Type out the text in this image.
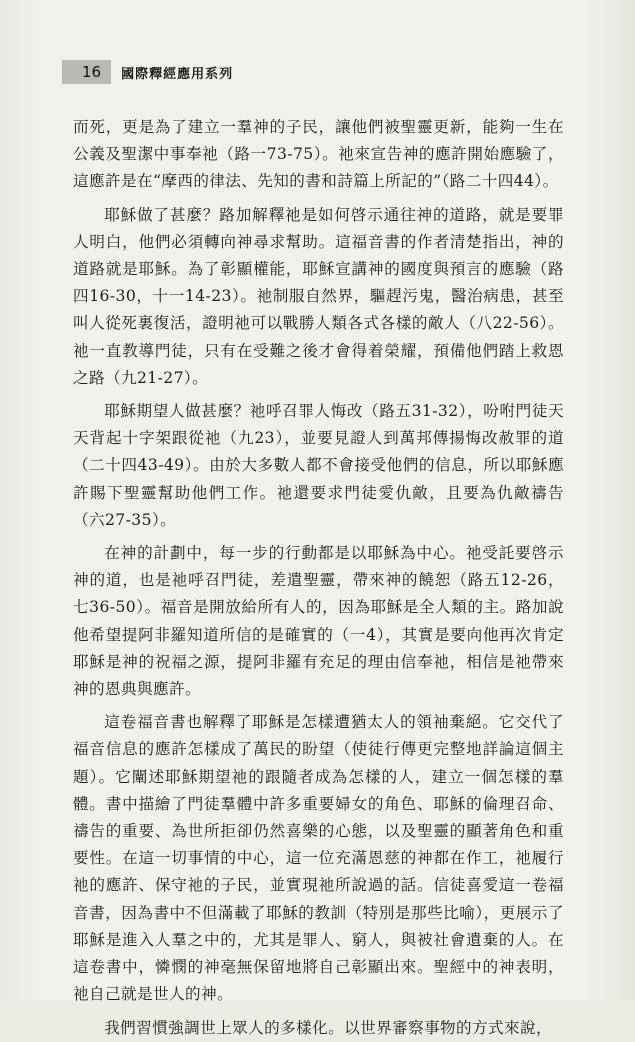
16	國際釋經應用系列

而死，更是為了建立一羣神的子民，讓他們被聖靈更新，能夠一生在公義及聖潔中事奉祂（路一73-75）。祂來宣告神的應許開始應驗了，這應許是在“摩西的律法、先知的書和詩篇上所記的”（路二十四44）。

耶穌做了甚麼？路加解釋祂是如何啓示通往神的道路，就是要罪人明白，他們必須轉向神尋求幫助。這福音書的作者清楚指出，神的道路就是耶穌。為了彰顯權能，耶穌宣講神的國度與預言的應驗（路四16-30，十一14-23）。祂制服自然界，驅趕污鬼，醫治病患，甚至叫人從死裏復活，證明祂可以戰勝人類各式各樣的敵人（八22-56）。祂一直教導門徒，只有在受難之後才會得着榮耀，預備他們踏上救恩之路（九21-27）。

耶穌期望人做甚麼？祂呼召罪人悔改（路五31-32），吩咐門徒天天背起十字架跟從祂（九23），並要見證人到萬邦傳揚悔改赦罪的道（二十四43-49）。由於大多數人都不會接受他們的信息，所以耶穌應許賜下聖靈幫助他們工作。祂還要求門徒愛仇敵，且要為仇敵禱告（六27-35）。

在神的計劃中，每一步的行動都是以耶穌為中心。祂受託要啓示神的道，也是祂呼召門徒，差遣聖靈，帶來神的饒恕（路五12-26，七36-50）。福音是開放給所有人的，因為耶穌是全人類的主。路加說他希望提阿非羅知道所信的是確實的（一4），其實是要向他再次肯定耶穌是神的祝福之源，提阿非羅有充足的理由信奉祂，相信是祂帶來神的恩典與應許。

這卷福音書也解釋了耶穌是怎樣遭猶太人的領袖棄絕。它交代了福音信息的應許怎樣成了萬民的盼望（使徒行傳更完整地詳論這個主題）。它闡述耶穌期望祂的跟隨者成為怎樣的人，建立一個怎樣的羣體。書中描繪了門徒羣體中許多重要婦女的角色、耶穌的倫理召命、禱告的重要、為世所拒卻仍然喜樂的心態，以及聖靈的顯著角色和重要性。在這一切事情的中心，這一位充滿恩慈的神都在作工，祂履行祂的應許、保守祂的子民，並實現祂所說過的話。信徒喜愛這一卷福音書，因為書中不但滿載了耶穌的教訓（特別是那些比喻），更展示了耶穌是進入人羣之中的，尤其是罪人、窮人，與被社會遺棄的人。在這卷書中，憐憫的神毫無保留地將自己彰顯出來。聖經中的神表明，祂自己就是世人的神。

我們習慣強調世上眾人的多樣化。以世界審察事物的方式來說，
